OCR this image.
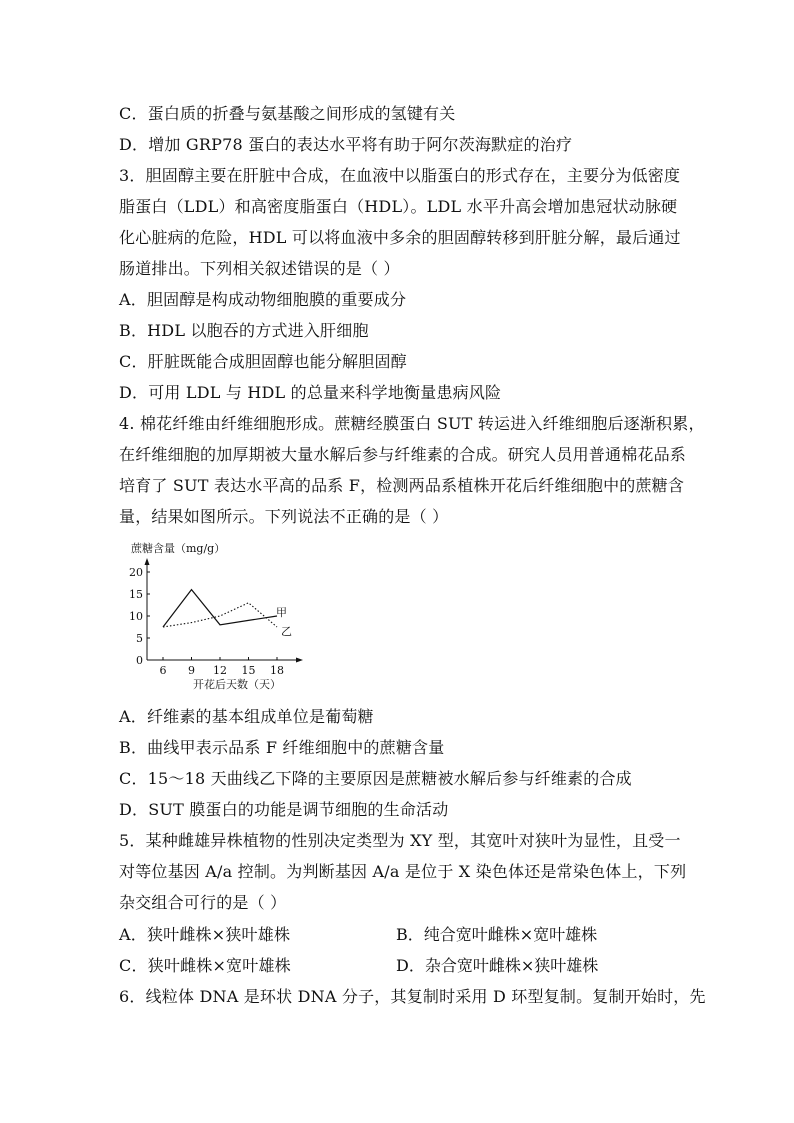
C．蛋白质的折叠与氨基酸之间形成的氢键有关
D．增加 GRP78 蛋白的表达水平将有助于阿尔茨海默症的治疗
3．胆固醇主要在肝脏中合成，在血液中以脂蛋白的形式存在，主要分为低密度
脂蛋白（LDL）和高密度脂蛋白（HDL）。LDL 水平升高会增加患冠状动脉硬
化心脏病的危险，HDL 可以将血液中多余的胆固醇转移到肝脏分解，最后通过
肠道排出。下列相关叙述错误的是（ ）
A．胆固醇是构成动物细胞膜的重要成分
B．HDL 以胞吞的方式进入肝细胞
C．肝脏既能合成胆固醇也能分解胆固醇
D．可用 LDL 与 HDL 的总量来科学地衡量患病风险
4. 棉花纤维由纤维细胞形成。蔗糖经膜蛋白 SUT 转运进入纤维细胞后逐渐积累，
在纤维细胞的加厚期被大量水解后参与纤维素的合成。研究人员用普通棉花品系
培育了 SUT 表达水平高的品系 F，检测两品系植株开花后纤维细胞中的蔗糖含
量，结果如图所示。下列说法不正确的是（ ）
蔗糖含量（mg/g）
0
5
10
15
20
6 9 12 15 18
甲
乙
开花后天数（天）
A．纤维素的基本组成单位是葡萄糖
B．曲线甲表示品系 F 纤维细胞中的蔗糖含量
C．15～18 天曲线乙下降的主要原因是蔗糖被水解后参与纤维素的合成
D．SUT 膜蛋白的功能是调节细胞的生命活动
5．某种雌雄异株植物的性别决定类型为 XY 型，其宽叶对狭叶为显性，且受一
对等位基因 A/a 控制。为判断基因 A/a 是位于 X 染色体还是常染色体上，下列
杂交组合可行的是（ ）
A．狭叶雌株×狭叶雄株	B．纯合宽叶雌株×宽叶雄株
C．狭叶雌株×宽叶雄株	D．杂合宽叶雌株×狭叶雄株
6．线粒体 DNA 是环状 DNA 分子，其复制时采用 D 环型复制。复制开始时，先
